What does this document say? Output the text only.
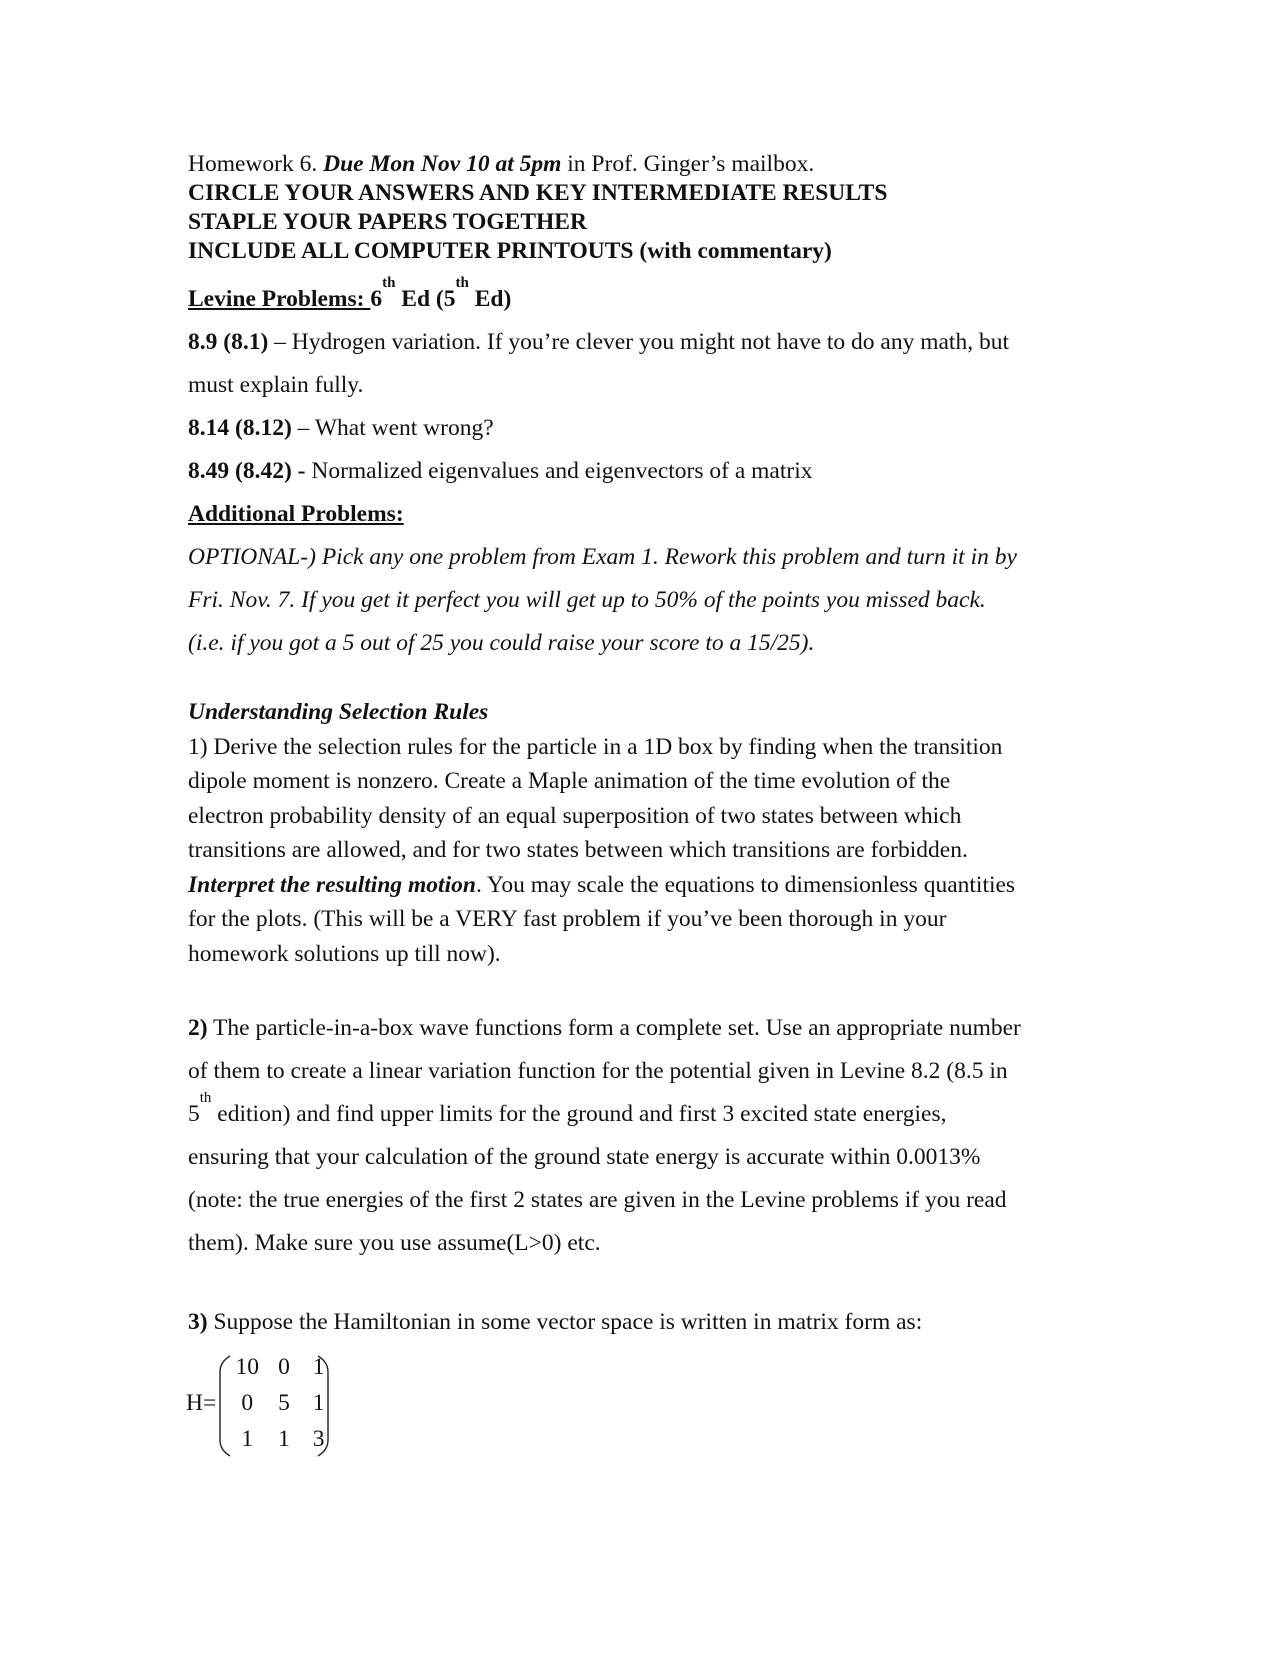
Homework 6. Due Mon Nov 10 at 5pm in Prof. Ginger’s mailbox.

CIRCLE YOUR ANSWERS AND KEY INTERMEDIATE RESULTS

STAPLE YOUR PAPERS TOGETHER

INCLUDE ALL COMPUTER PRINTOUTS (with commentary)

Levine Problems: 6th Ed (5th Ed)

8.9 (8.1) – Hydrogen variation. If you’re clever you might not have to do any math, but

must explain fully.

8.14 (8.12) – What went wrong?

8.49 (8.42) - Normalized eigenvalues and eigenvectors of a matrix

Additional Problems:

OPTIONAL-) Pick any one problem from Exam 1. Rework this problem and turn it in by

Fri. Nov. 7. If you get it perfect you will get up to 50% of the points you missed back.

(i.e. if you got a 5 out of 25 you could raise your score to a 15/25).

Understanding Selection Rules

1) Derive the selection rules for the particle in a 1D box by finding when the transition

dipole moment is nonzero. Create a Maple animation of the time evolution of the

electron probability density of an equal superposition of two states between which

transitions are allowed, and for two states between which transitions are forbidden.

Interpret the resulting motion. You may scale the equations to dimensionless quantities

for the plots. (This will be a VERY fast problem if you’ve been thorough in your

homework solutions up till now).

2) The particle-in-a-box wave functions form a complete set. Use an appropriate number

of them to create a linear variation function for the potential given in Levine 8.2 (8.5 in

5th edition) and find upper limits for the ground and first 3 excited state energies,

ensuring that your calculation of the ground state energy is accurate within 0.0013%

(note: the true energies of the first 2 states are given in the Levine problems if you read

them). Make sure you use assume(L>0) etc.

3) Suppose the Hamiltonian in some vector space is written in matrix form as:

H=
10 0 1
0	5 1
1	1 3
